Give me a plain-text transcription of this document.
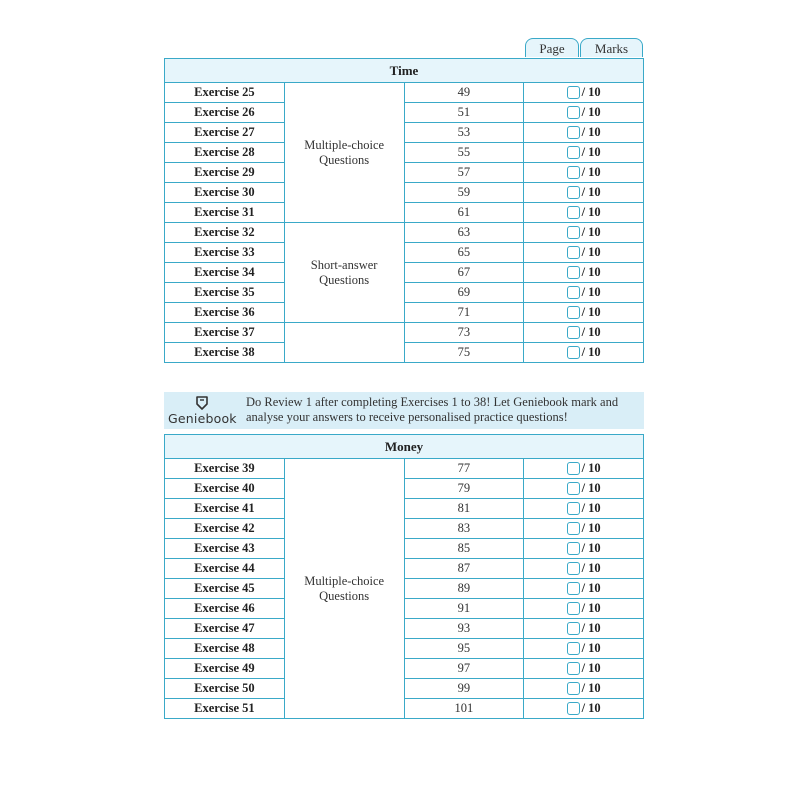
Page	Marks
Time			
Exercise 25	Multiple-choice Questions	49	/ 10
Exercise 26		51	/ 10
Exercise 27		53	/ 10
Exercise 28		55	/ 10
Exercise 29		57	/ 10
Exercise 30		59	/ 10
Exercise 31		61	/ 10
Exercise 32	Short-answer Questions	63	/ 10
Exercise 33		65	/ 10
Exercise 34		67	/ 10
Exercise 35		69	/ 10
Exercise 36		71	/ 10
Exercise 37		73	/ 10
Exercise 38		75	/ 10
Geniebook
Do Review 1 after completing Exercises 1 to 38! Let Geniebook mark and analyse your answers to receive personalised practice questions!
Money			
Exercise 39	Multiple-choice Questions	77	/ 10
Exercise 40		79	/ 10
Exercise 41		81	/ 10
Exercise 42		83	/ 10
Exercise 43		85	/ 10
Exercise 44		87	/ 10
Exercise 45		89	/ 10
Exercise 46		91	/ 10
Exercise 47		93	/ 10
Exercise 48		95	/ 10
Exercise 49		97	/ 10
Exercise 50		99	/ 10
Exercise 51		101	/ 10
